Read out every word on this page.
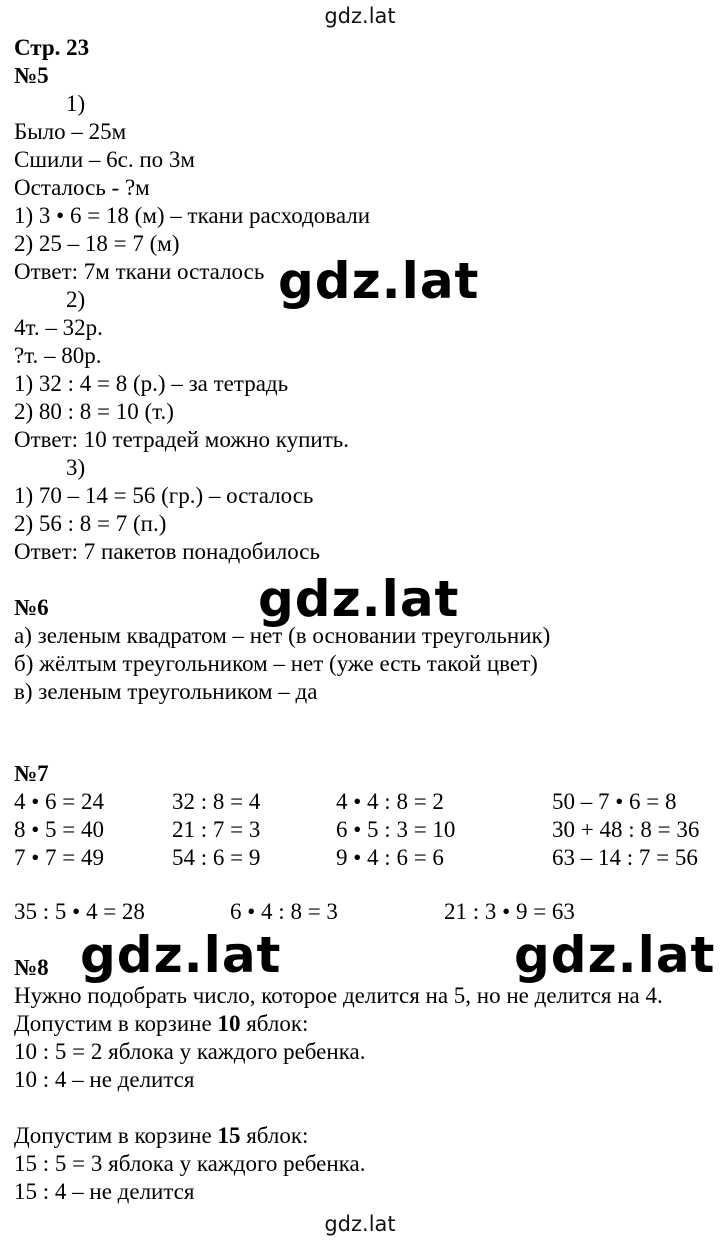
gdz.lat
gdz.lat
gdz.lat
gdz.lat
gdz.lat	gdz.lat
Стр. 23
№5
1)
Было – 25м
Сшили – 6с. по 3м
Осталось - ?м
1) 3 • 6 = 18 (м) – ткани расходовали
2) 25 – 18 = 7 (м)
Ответ: 7м ткани осталось
2)
4т. – 32р.
?т. – 80р.
1) 32 : 4 = 8 (р.) – за тетрадь
2) 80 : 8 = 10 (т.)
Ответ: 10 тетрадей можно купить.
3)
1) 70 – 14 = 56 (гр.) – осталось
2) 56 : 8 = 7 (п.)
Ответ: 7 пакетов понадобилось
№6
а) зеленым квадратом – нет (в основании треугольник)
б) жёлтым треугольником – нет (уже есть такой цвет)
в) зеленым треугольником – да
№7
4 • 6 = 24	32 : 8 = 4	4 • 4 : 8 = 2	50 – 7 • 6 = 8
8 • 5 = 40	21 : 7 = 3	6 • 5 : 3 = 10	30 + 48 : 8 = 36
7 • 7 = 49	54 : 6 = 9	9 • 4 : 6 = 6	63 – 14 : 7 = 56
35 : 5 • 4 = 28	6 • 4 : 8 = 3	21 : 3 • 9 = 63
№8
Нужно подобрать число, которое делится на 5, но не делится на 4.
Допустим в корзине 10 яблок:
10 : 5 = 2 яблока у каждого ребенка.
10 : 4 – не делится
Допустим в корзине 15 яблок:
15 : 5 = 3 яблока у каждого ребенка.
15 : 4 – не делится
